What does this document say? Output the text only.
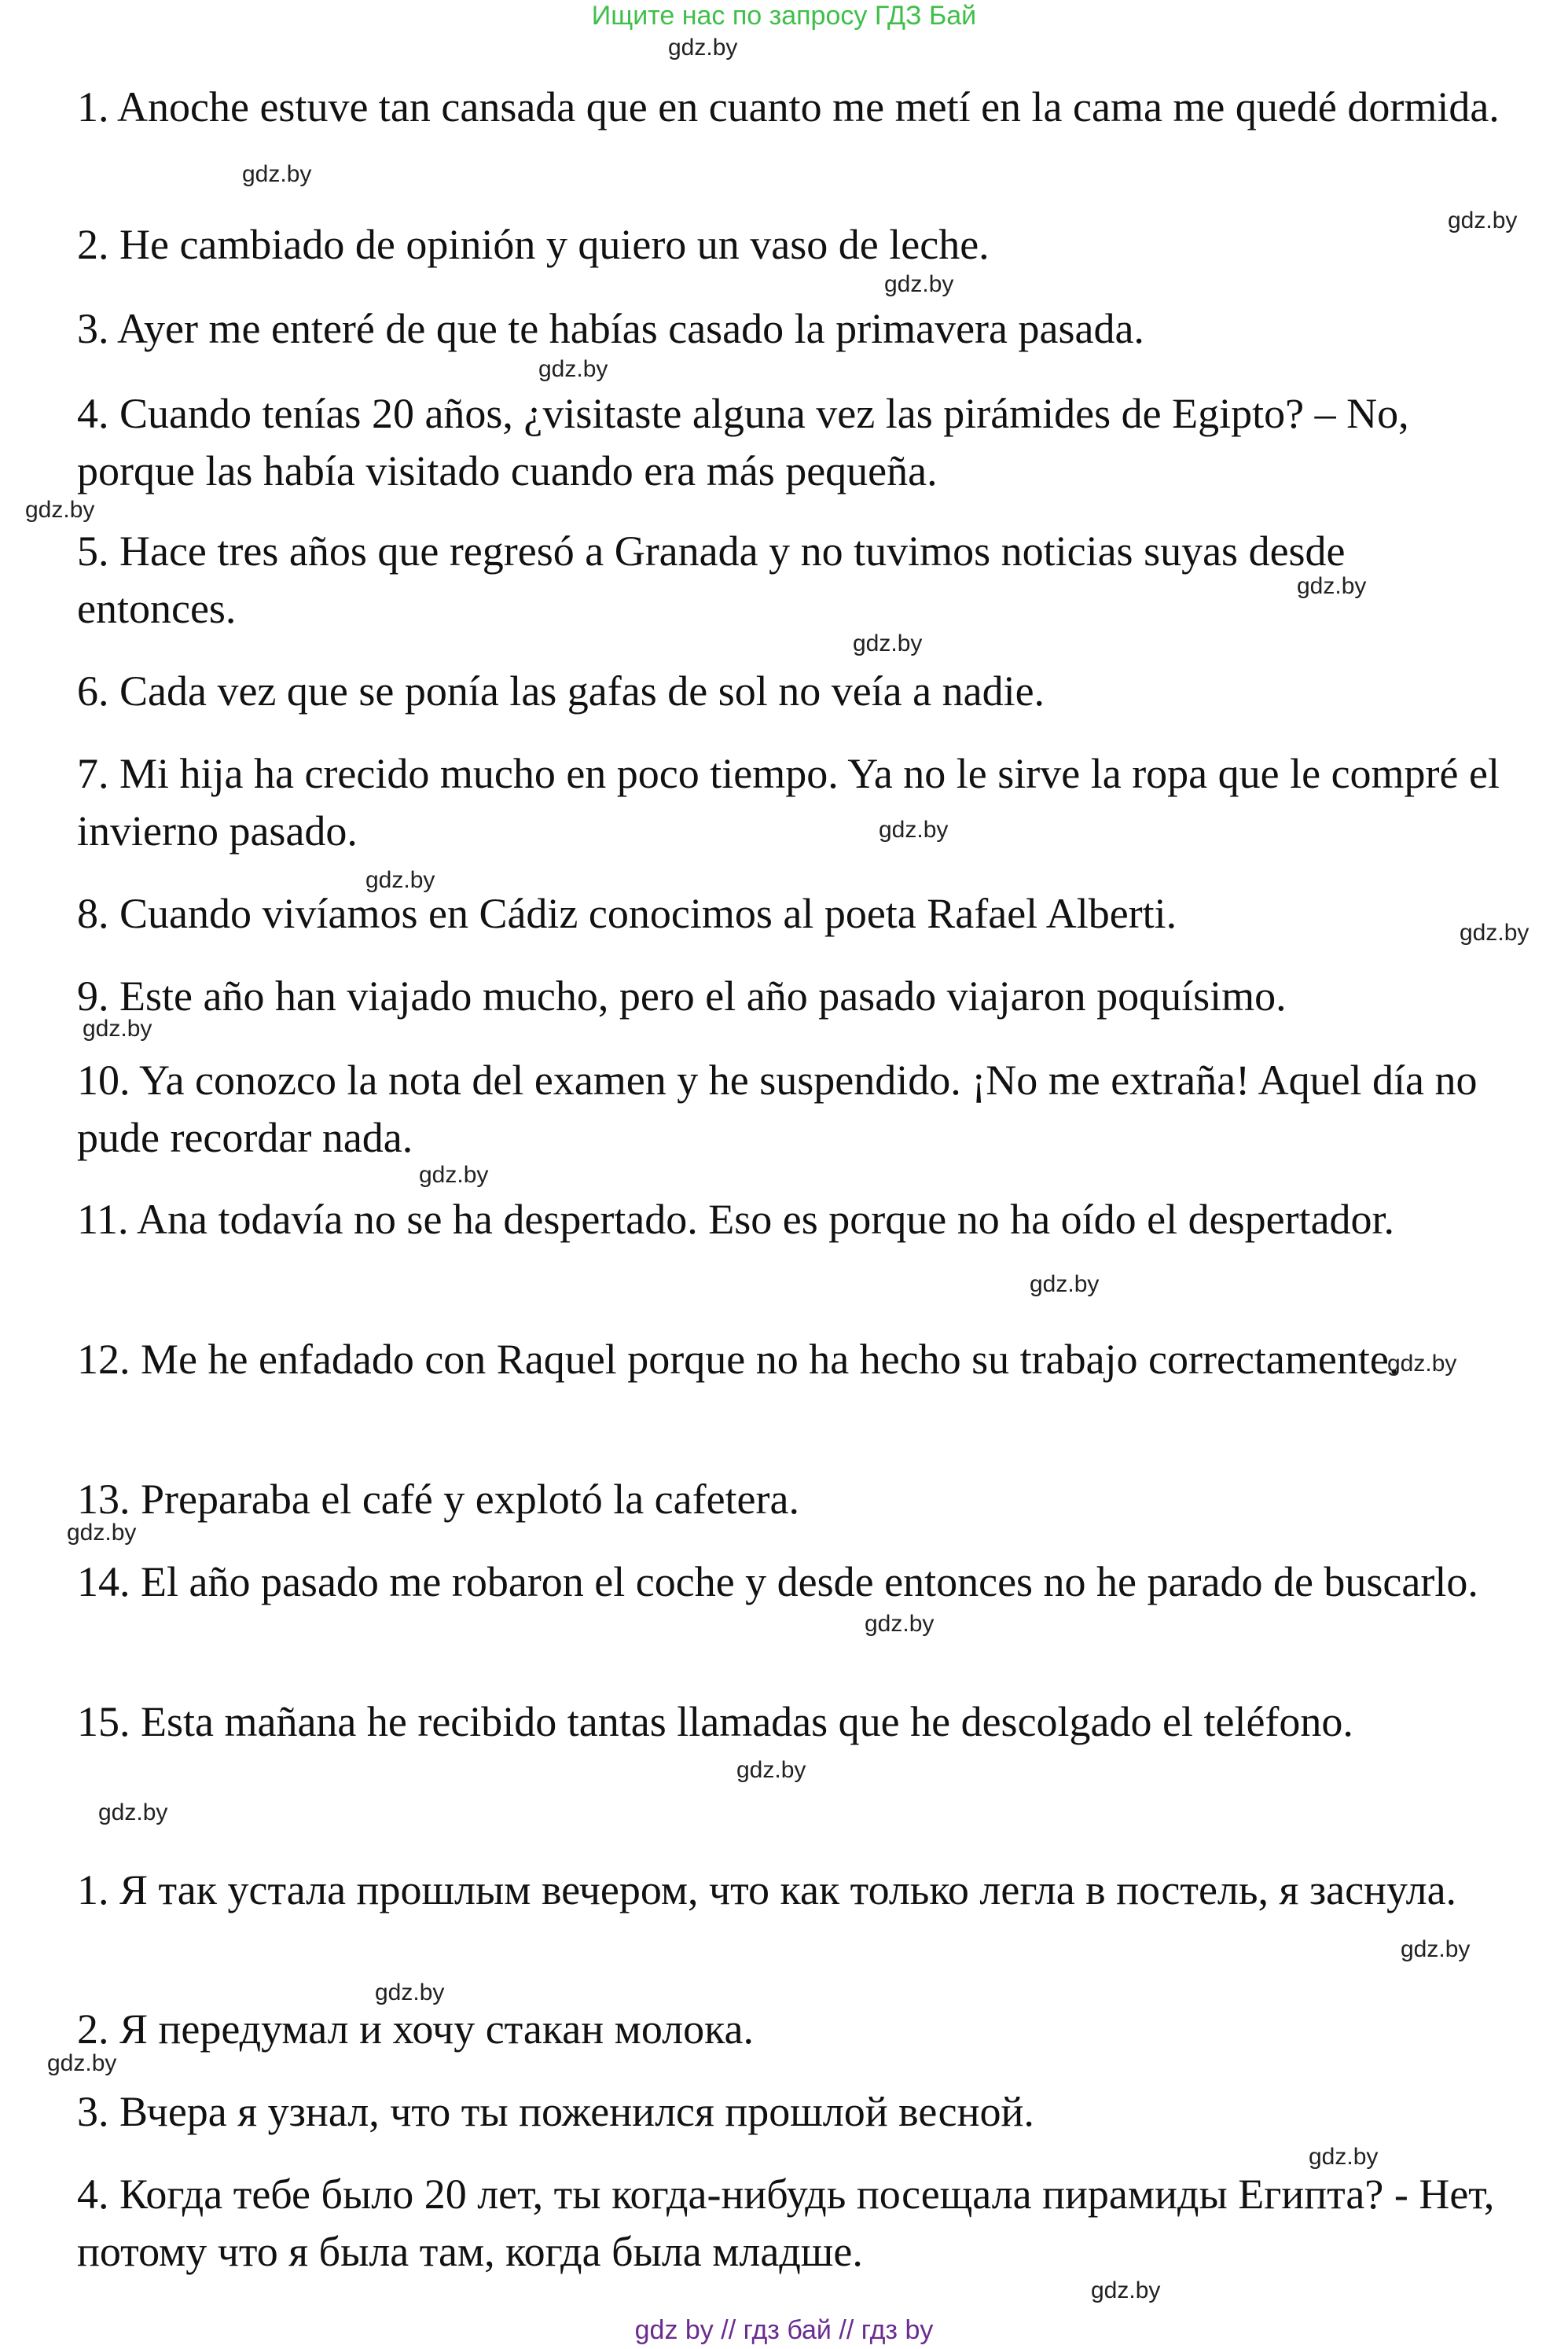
Ищите нас по запросу ГДЗ Бай

1. Anoche estuve tan cansada que en cuanto me metí en la cama me quedé dormida.

2. He cambiado de opinión y quiero un vaso de leche.

3. Ayer me enteré de que te habías casado la primavera pasada.

4. Cuando tenías 20 años, ¿visitaste alguna vez las pirámides de Egipto? – No, porque las había visitado cuando era más pequeña.

5. Hace tres años que regresó a Granada y no tuvimos noticias suyas desde entonces.

6. Cada vez que se ponía las gafas de sol no veía a nadie.

7. Mi hija ha crecido mucho en poco tiempo. Ya no le sirve la ropa que le compré el invierno pasado.

8. Cuando vivíamos en Cádiz conocimos al poeta Rafael Alberti.

9. Este año han viajado mucho, pero el año pasado viajaron poquísimo.

10. Ya conozco la nota del examen y he suspendido. ¡No me extraña! Aquel día no pude recordar nada.

11. Ana todavía no se ha despertado. Eso es porque no ha oído el despertador.

12. Me he enfadado con Raquel porque no ha hecho su trabajo correctamente.

13. Preparaba el café y explotó la cafetera.

14. El año pasado me robaron el coche y desde entonces no he parado de buscarlo.

15. Esta mañana he recibido tantas llamadas que he descolgado el teléfono.

1. Я так устала прошлым вечером, что как только легла в постель, я заснула.

2. Я передумал и хочу стакан молока.

3. Вчера я узнал, что ты поженился прошлой весной.

4. Когда тебе было 20 лет, ты когда-нибудь посещала пирамиды Египта? - Нет, потому что я была там, когда была младше.

gdz.by
gdz.by
gdz.by
gdz.by
gdz.by
gdz.by
gdz.by
gdz.by
gdz.by
gdz.by
gdz.by
gdz.by
gdz.by
gdz.by
gdz.by
gdz.by
gdz.by
gdz.by
gdz.by
gdz.by
gdz.by
gdz.by
gdz.by
gdz.by
gdz by // гдз бай // гдз by
